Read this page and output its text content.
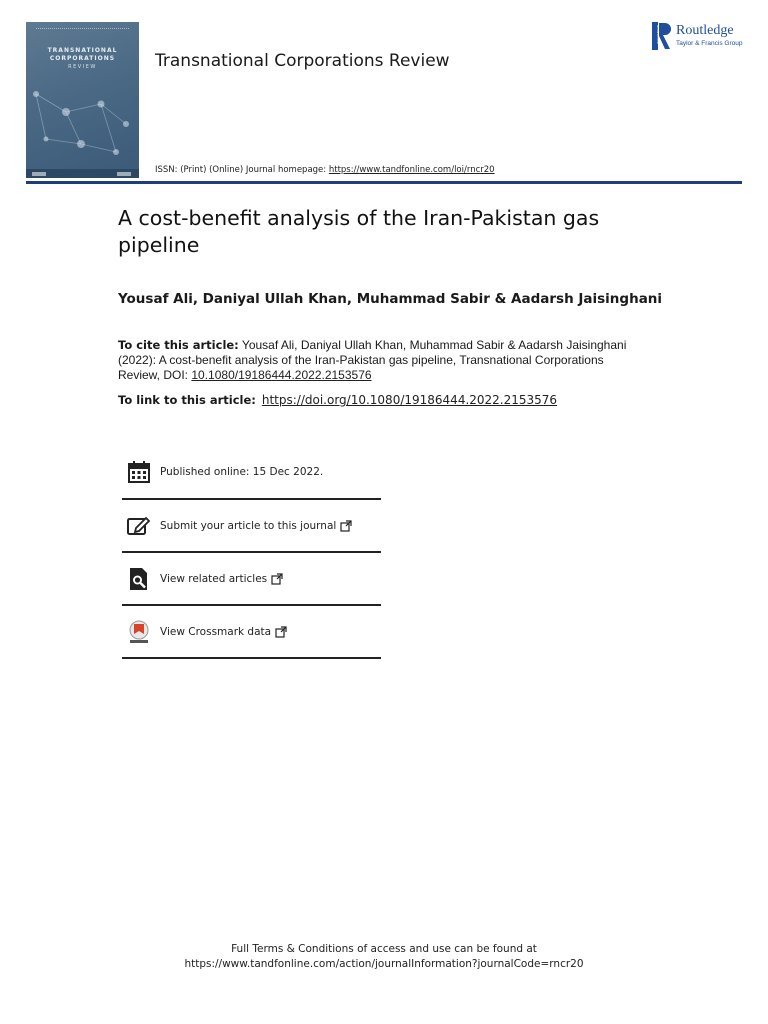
TRANSNATIONAL
CORPORATIONS
REVIEW	Transnational Corporations Review
ROUTLEDGE Routledge
Taylor & Francis Group
ISSN: (Print) (Online) Journal homepage: https://www.tandfonline.com/loi/rncr20
A cost-benefit analysis of the Iran-Pakistan gas pipeline
Yousaf Ali, Daniyal Ullah Khan, Muhammad Sabir & Aadarsh Jaisinghani
To cite this article: Yousaf Ali, Daniyal Ullah Khan, Muhammad Sabir & Aadarsh Jaisinghani (2022): A cost-benefit analysis of the Iran-Pakistan gas pipeline, Transnational Corporations Review, DOI: 10.1080/19186444.2022.2153576
To link to this article: https://doi.org/10.1080/19186444.2022.2153576
Published online: 15 Dec 2022.
Submit your article to this journal
View related articles
View Crossmark data
Full Terms & Conditions of access and use can be found at
https://www.tandfonline.com/action/journalInformation?journalCode=rncr20
